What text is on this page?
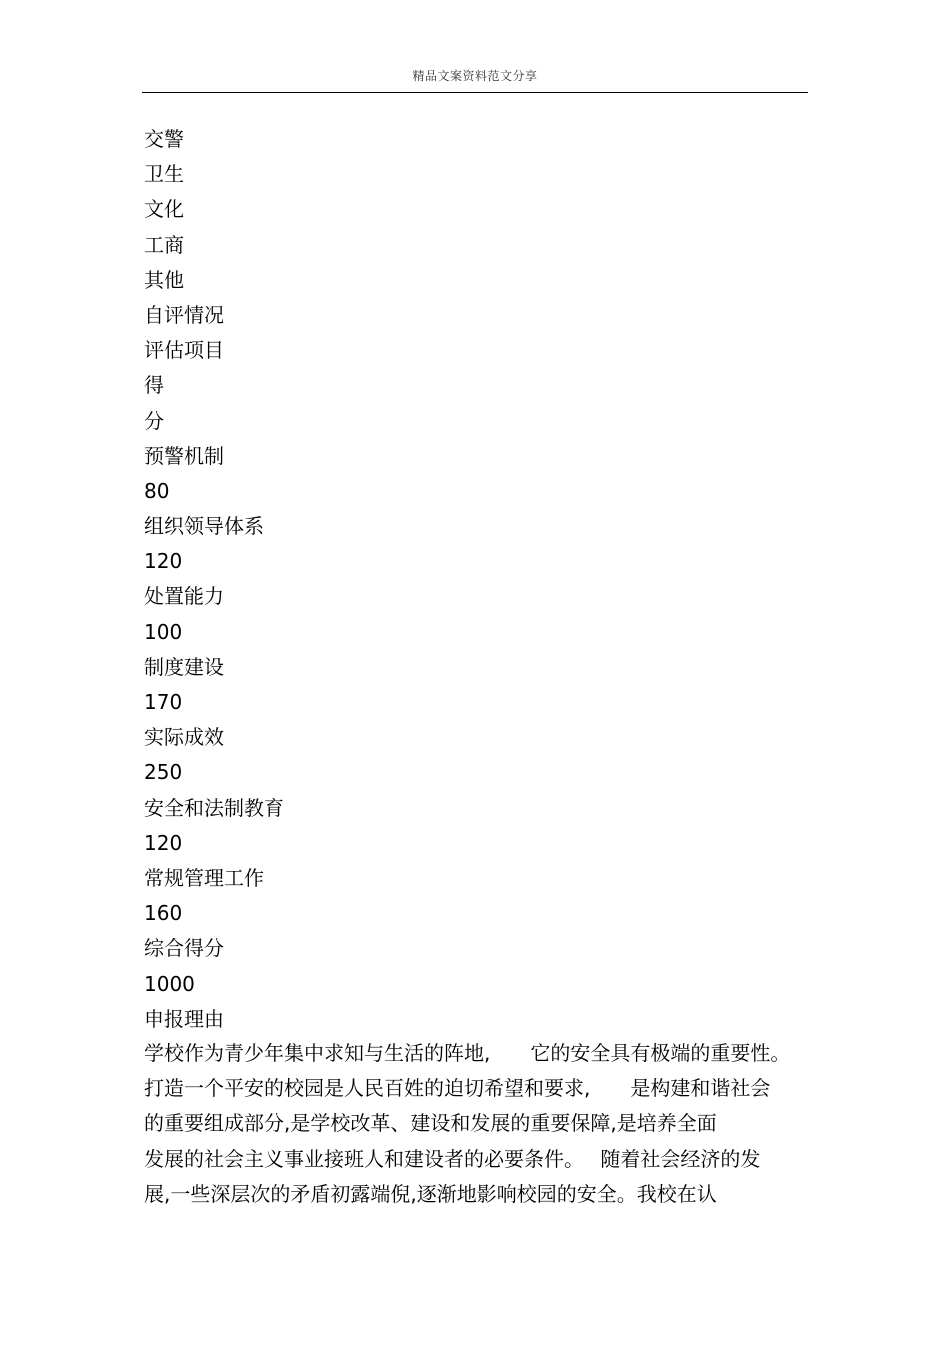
精品文案资料范文分享
交警
卫生
文化
工商
其他
自评情况
评估项目
得
分
预警机制
80
组织领导体系
120
处置能力
100
制度建设
170
实际成效
250
安全和法制教育
120
常规管理工作
160
综合得分
1000
申报理由
学校作为青少年集中求知与生活的阵地,　　它的安全具有极端的重要性。
打造一个平安的校园是人民百姓的迫切希望和要求,　　是构建和谐社会
的重要组成部分,是学校改革、建设和发展的重要保障,是培养全面
发展的社会主义事业接班人和建设者的必要条件。　 随着社会经济的发
展,一些深层次的矛盾初露端倪,逐渐地影响校园的安全。我校在认
